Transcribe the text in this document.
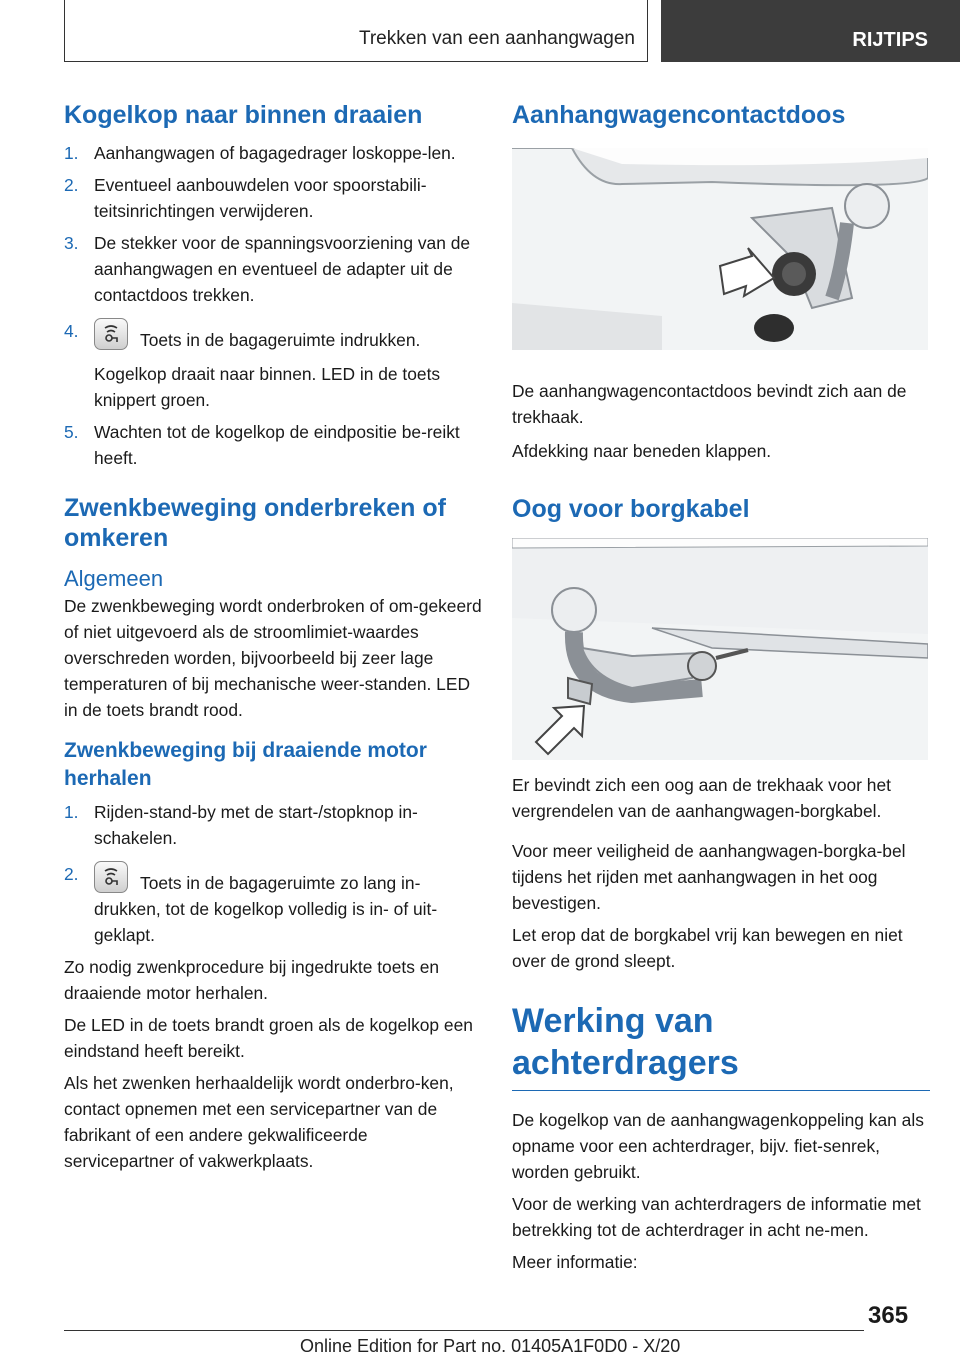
Trekken van een aanhangwagen	RIJTIPS
Kogelkop naar binnen draaien
1. Aanhangwagen of bagagedrager loskoppe‐len.
2. Eventueel aanbouwdelen voor spoorstabili‐teitsinrichtingen verwijderen.
3. De stekker voor de spanningsvoorziening van de aanhangwagen en eventueel de adapter uit de contactdoos trekken.
4.	Toets in de bagageruimte indrukken.
Kogelkop draait naar binnen. LED in de toets knippert groen.
5. Wachten tot de kogelkop de eindpositie be‐reikt heeft.
Zwenkbeweging onderbreken of omkeren
Algemeen

De zwenkbeweging wordt onderbroken of om‐gekeerd of niet uitgevoerd als de stroomlimiet‐waardes overschreden worden, bijvoorbeeld bij zeer lage temperaturen of bij mechanische weer‐standen. LED in de toets brandt rood.

Zwenkbeweging bij draaiende motor herhalen
1. Rijden-stand-by met de start-/stopknop in‐schakelen.
2.	Toets in de bagageruimte zo lang in‐drukken, tot de kogelkop volledig is in- of uit‐geklapt.

Zo nodig zwenkprocedure bij ingedrukte toets en draaiende motor herhalen.

De LED in de toets brandt groen als de kogelkop een eindstand heeft bereikt.

Als het zwenken herhaaldelijk wordt onderbro‐ken, contact opnemen met een servicepartner van de fabrikant of een andere gekwalificeerde servicepartner of vakwerkplaats.

Aanhangwagencontactdoos

De aanhangwagencontactdoos bevindt zich aan de trekhaak.

Afdekking naar beneden klappen.

Oog voor borgkabel

Er bevindt zich een oog aan de trekhaak voor het vergrendelen van de aanhangwagen-borgkabel.

Voor meer veiligheid de aanhangwagen-borgka‐bel tijdens het rijden met aanhangwagen in het oog bevestigen.

Let erop dat de borgkabel vrij kan bewegen en niet over de grond sleept.

Werking van achterdragers

De kogelkop van de aanhangwagenkoppeling kan als opname voor een achterdrager, bijv. fiet‐senrek, worden gebruikt.

Voor de werking van achterdragers de informatie met betrekking tot de achterdrager in acht ne‐men.

Meer informatie:

365
Online Edition for Part no. 01405A1F0D0 - X/20
